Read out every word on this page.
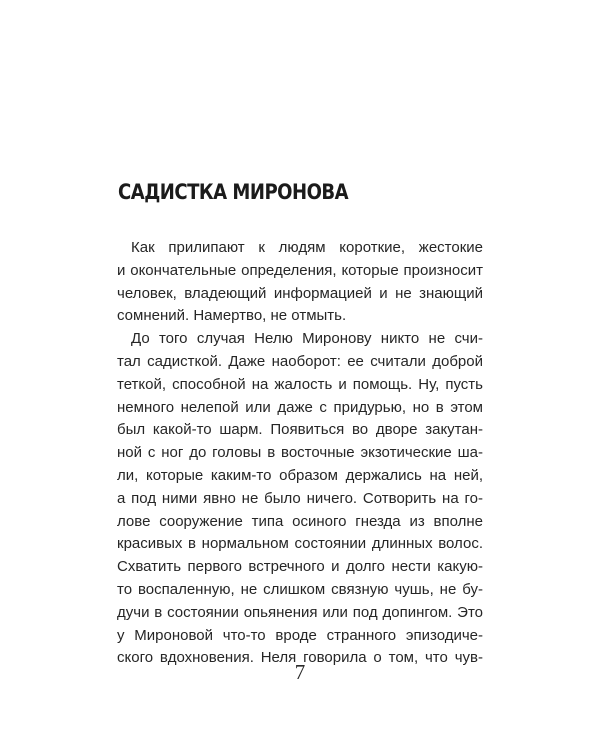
САДИСТКА МИРОНОВА
Как прилипают к людям короткие, жестокие
и окончательные определения, которые произносит
человек, владеющий информацией и не знающий
сомнений. Намертво, не отмыть.
До того случая Нелю Миронову никто не счи-
тал садисткой. Даже наоборот: ее считали доброй
теткой, способной на жалость и помощь. Ну, пусть
немного нелепой или даже с придурью, но в этом
был какой-то шарм. Появиться во дворе закутан-
ной с ног до головы в восточные экзотические ша-
ли, которые каким-то образом держались на ней,
а под ними явно не было ничего. Сотворить на го-
лове сооружение типа осиного гнезда из вполне
красивых в нормальном состоянии длинных волос.
Схватить первого встречного и долго нести какую-
то воспаленную, не слишком связную чушь, не бу-
дучи в состоянии опьянения или под допингом. Это
у Мироновой что-то вроде странного эпизодиче-
ского вдохновения. Неля говорила о том, что чув-
7
